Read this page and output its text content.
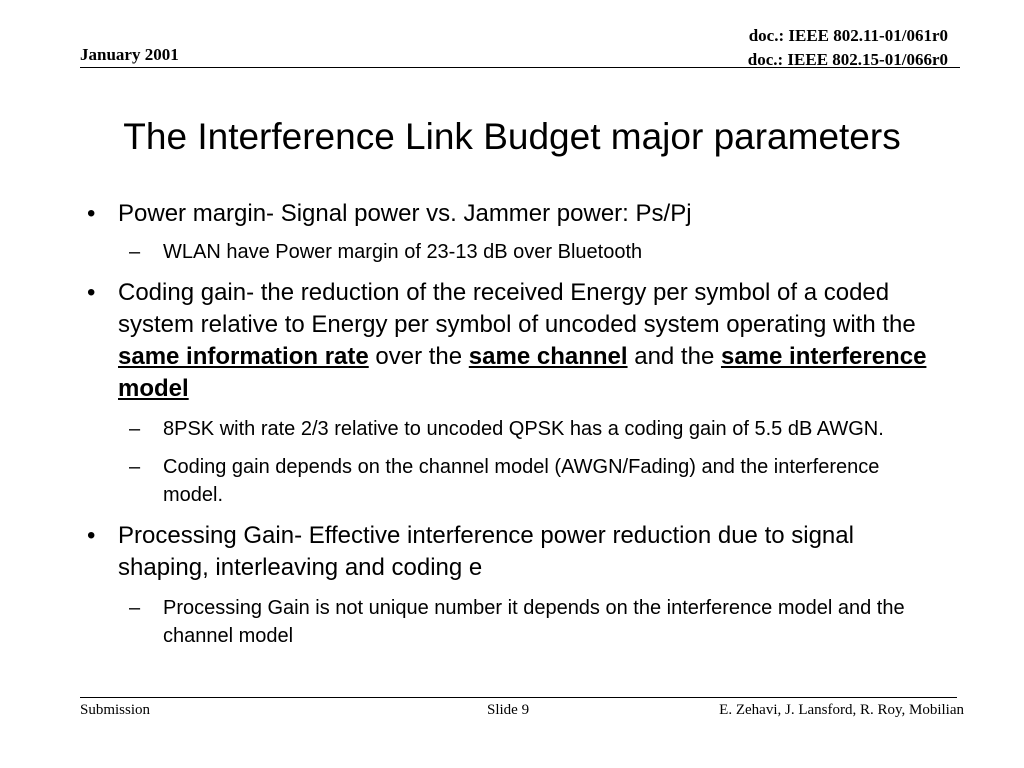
January 2001
doc.: IEEE 802.11-01/061r0
doc.: IEEE 802.15-01/066r0
The Interference Link Budget major parameters
• Power margin- Signal power vs. Jammer power: Ps/Pj
– WLAN have Power margin of 23-13 dB over Bluetooth
• Coding gain- the reduction of the received Energy per symbol of a coded system relative to Energy per symbol of uncoded system operating with the same information rate over the same channel and the same interference model
– 8PSK with rate 2/3 relative to uncoded QPSK has a coding gain of 5.5 dB AWGN.
– Coding gain depends on the channel model (AWGN/Fading) and the interference model.
• Processing Gain- Effective interference power reduction due to signal shaping, interleaving and coding e
– Processing Gain is not unique number it depends on the interference model and the channel model
Submission	Slide 9	E. Zehavi, J. Lansford, R. Roy, Mobilian
